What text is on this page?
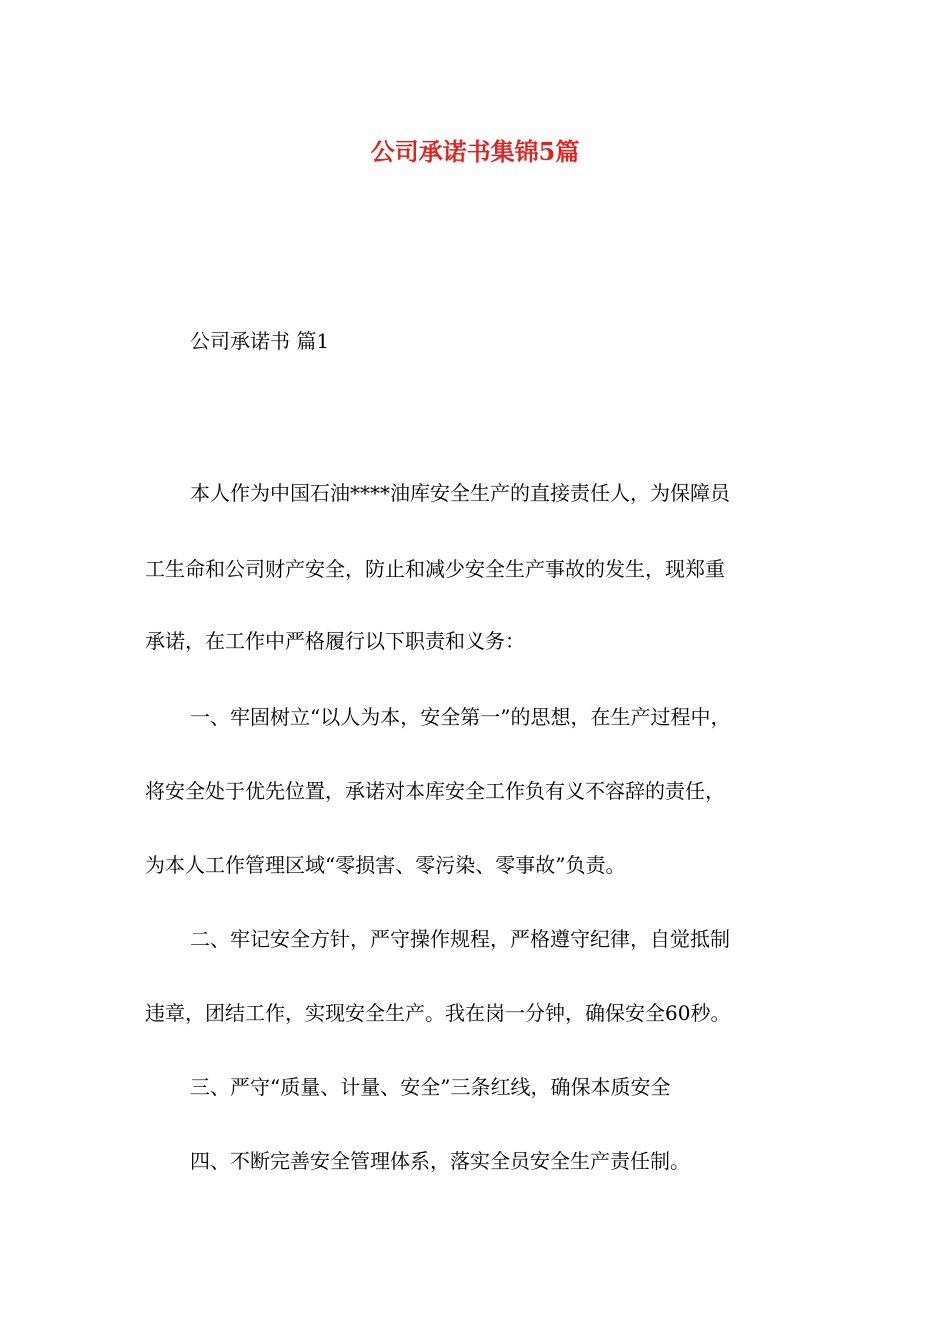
公司承诺书集锦5篇

公司承诺书 篇1

本人作为中国石油****油库安全生产的直接责任人，为保障员

工生命和公司财产安全，防止和减少安全生产事故的发生，现郑重

承诺，在工作中严格履行以下职责和义务：

一、牢固树立“以人为本，安全第一”的思想，在生产过程中，

将安全处于优先位置，承诺对本库安全工作负有义不容辞的责任，

为本人工作管理区域“零损害、零污染、零事故”负责。

二、牢记安全方针，严守操作规程，严格遵守纪律，自觉抵制

违章，团结工作，实现安全生产。我在岗一分钟，确保安全60秒。

三、严守“质量、计量、安全”三条红线，确保本质安全

四、不断完善安全管理体系，落实全员安全生产责任制。
